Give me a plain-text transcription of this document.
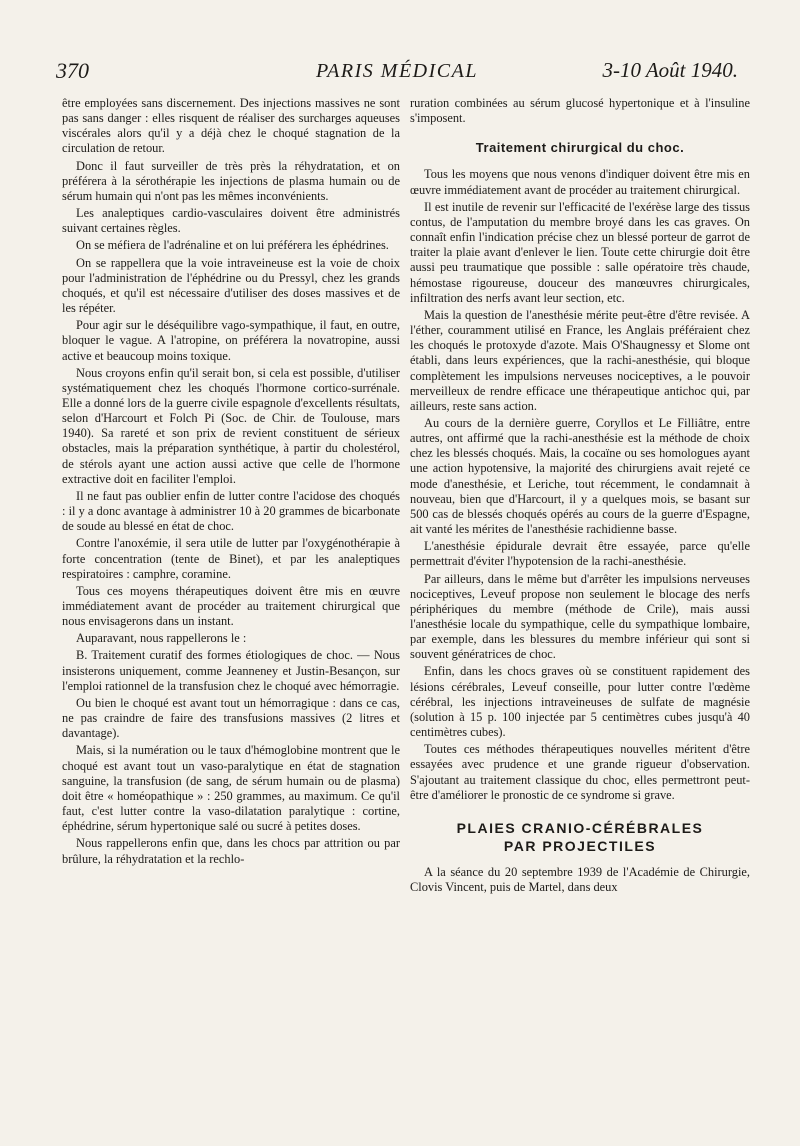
370	PARIS MÉDICAL	3-10 Août 1940.

être employées sans discernement. Des injections massives ne sont pas sans danger : elles risquent de réaliser des surcharges aqueuses viscérales alors qu'il y a déjà chez le choqué stagnation de la circulation de retour.

Donc il faut surveiller de très près la réhydratation, et on préférera à la sérothérapie les injections de plasma humain ou de sérum humain qui n'ont pas les mêmes inconvénients.

Les analeptiques cardio-vasculaires doivent être administrés suivant certaines règles.

On se méfiera de l'adrénaline et on lui préférera les éphédrines.

On se rappellera que la voie intraveineuse est la voie de choix pour l'administration de l'éphédrine ou du Pressyl, chez les grands choqués, et qu'il est nécessaire d'utiliser des doses massives et de les répéter.

Pour agir sur le déséquilibre vago-sympathique, il faut, en outre, bloquer le vague. A l'atropine, on préférera la novatropine, aussi active et beaucoup moins toxique.

Nous croyons enfin qu'il serait bon, si cela est possible, d'utiliser systématiquement chez les choqués l'hormone cortico-surrénale. Elle a donné lors de la guerre civile espagnole d'excellents résultats, selon d'Harcourt et Folch Pi (Soc. de Chir. de Toulouse, mars 1940). Sa rareté et son prix de revient constituent de sérieux obstacles, mais la préparation synthétique, à partir du cholestérol, de stérols ayant une action aussi active que celle de l'hormone extractive doit en faciliter l'emploi.

Il ne faut pas oublier enfin de lutter contre l'acidose des choqués : il y a donc avantage à administrer 10 à 20 grammes de bicarbonate de soude au blessé en état de choc.

Contre l'anoxémie, il sera utile de lutter par l'oxygénothérapie à forte concentration (tente de Binet), et par les analeptiques respiratoires : camphre, coramine.

Tous ces moyens thérapeutiques doivent être mis en œuvre immédiatement avant de procéder au traitement chirurgical que nous envisagerons dans un instant.

Auparavant, nous rappellerons le :

B. Traitement curatif des formes étiologiques de choc. — Nous insisterons uniquement, comme Jeanneney et Justin-Besançon, sur l'emploi rationnel de la transfusion chez le choqué avec hémorragie.

Ou bien le choqué est avant tout un hémorragique : dans ce cas, ne pas craindre de faire des transfusions massives (2 litres et davantage).

Mais, si la numération ou le taux d'hémoglobine montrent que le choqué est avant tout un vaso-paralytique en état de stagnation sanguine, la transfusion (de sang, de sérum humain ou de plasma) doit être « homéopathique » : 250 grammes, au maximum. Ce qu'il faut, c'est lutter contre la vaso-dilatation paralytique : cortine, éphédrine, sérum hypertonique salé ou sucré à petites doses.

Nous rappellerons enfin que, dans les chocs par attrition ou par brûlure, la réhydratation et la rechlo-

ruration combinées au sérum glucosé hypertonique et à l'insuline s'imposent.

Traitement chirurgical du choc.

Tous les moyens que nous venons d'indiquer doivent être mis en œuvre immédiatement avant de procéder au traitement chirurgical.

Il est inutile de revenir sur l'efficacité de l'exérèse large des tissus contus, de l'amputation du membre broyé dans les cas graves. On connaît enfin l'indication précise chez un blessé porteur de garrot de traiter la plaie avant d'enlever le lien. Toute cette chirurgie doit être aussi peu traumatique que possible : salle opératoire très chaude, hémostase rigoureuse, douceur des manœuvres chirurgicales, infiltration des nerfs avant leur section, etc.

Mais la question de l'anesthésie mérite peut-être d'être revisée. A l'éther, couramment utilisé en France, les Anglais préféraient chez les choqués le protoxyde d'azote. Mais O'Shaugnessy et Slome ont établi, dans leurs expériences, que la rachi-anesthésie, qui bloque complètement les impulsions nerveuses nociceptives, a le pouvoir merveilleux de rendre efficace une thérapeutique antichoc qui, par ailleurs, reste sans action.

Au cours de la dernière guerre, Coryllos et Le Filliâtre, entre autres, ont affirmé que la rachi-anesthésie est la méthode de choix chez les blessés choqués. Mais, la cocaïne ou ses homologues ayant une action hypotensive, la majorité des chirurgiens avait rejeté ce mode d'anesthésie, et Leriche, tout récemment, le condamnait à nouveau, bien que d'Harcourt, il y a quelques mois, se basant sur 500 cas de blessés choqués opérés au cours de la guerre d'Espagne, ait vanté les mérites de l'anesthésie rachidienne basse.

L'anesthésie épidurale devrait être essayée, parce qu'elle permettrait d'éviter l'hypotension de la rachi-anesthésie.

Par ailleurs, dans le même but d'arrêter les impulsions nerveuses nociceptives, Leveuf propose non seulement le blocage des nerfs périphériques du membre (méthode de Crile), mais aussi l'anesthésie locale du sympathique, celle du sympathique lombaire, par exemple, dans les blessures du membre inférieur qui sont si souvent génératrices de choc.

Enfin, dans les chocs graves où se constituent rapidement des lésions cérébrales, Leveuf conseille, pour lutter contre l'œdème cérébral, les injections intraveineuses de sulfate de magnésie (solution à 15 p. 100 injectée par 5 centimètres cubes jusqu'à 40 centimètres cubes).

Toutes ces méthodes thérapeutiques nouvelles méritent d'être essayées avec prudence et une grande rigueur d'observation. S'ajoutant au traitement classique du choc, elles permettront peut-être d'améliorer le pronostic de ce syndrome si grave.

PLAIES CRANIO-CÉRÉBRALES
PAR PROJECTILES

A la séance du 20 septembre 1939 de l'Académie de Chirurgie, Clovis Vincent, puis de Martel, dans deux
